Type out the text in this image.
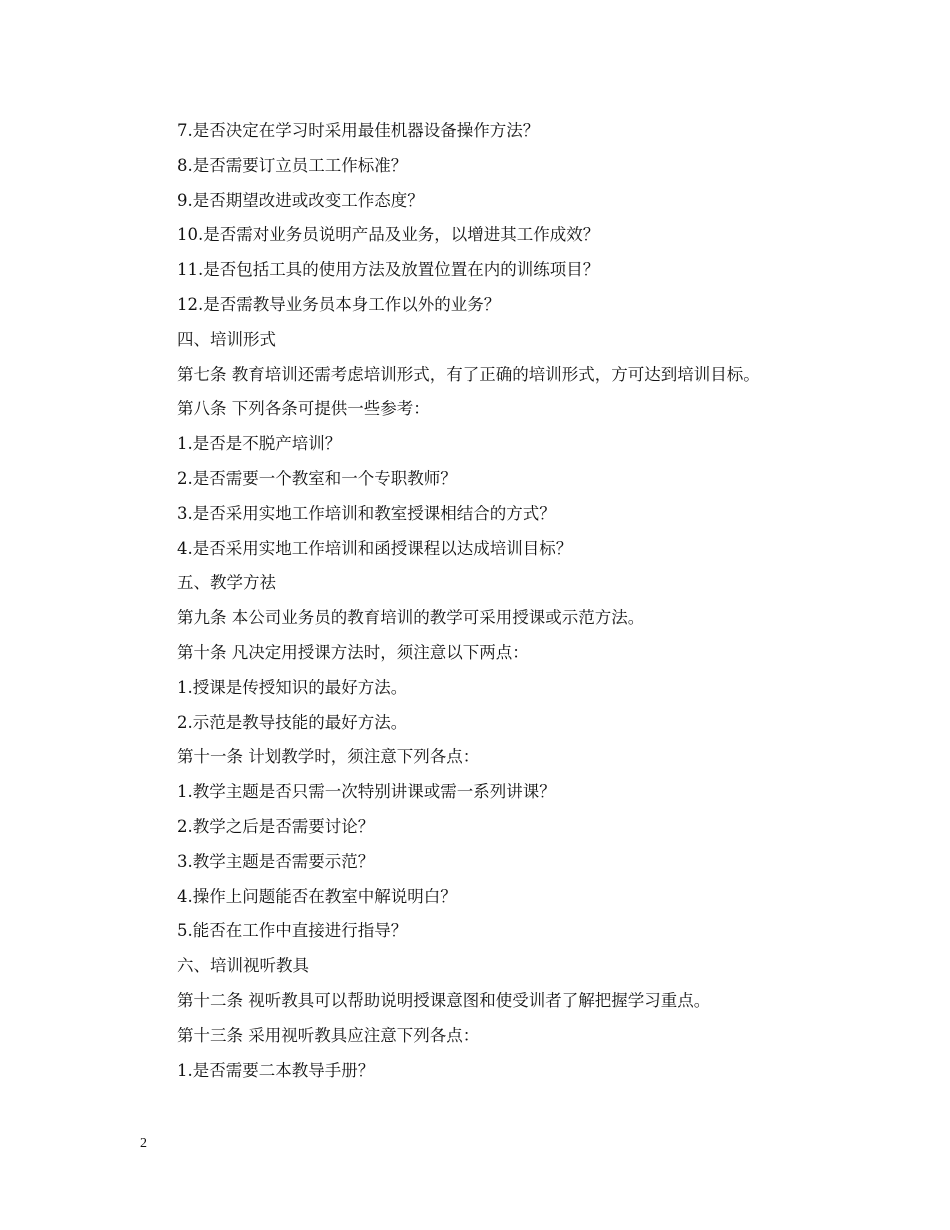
7.是否决定在学习时采用最佳机器设备操作方法？

8.是否需要订立员工工作标准？

9.是否期望改进或改变工作态度？

10.是否需对业务员说明产品及业务，以增进其工作成效？

11.是否包括工具的使用方法及放置位置在内的训练项目？

12.是否需教导业务员本身工作以外的业务？

四、培训形式

第七条 教育培训还需考虑培训形式，有了正确的培训形式，方可达到培训目标。

第八条 下列各条可提供一些参考：

1.是否是不脱产培训？

2.是否需要一个教室和一个专职教师？

3.是否采用实地工作培训和教室授课相结合的方式？

4.是否采用实地工作培训和函授课程以达成培训目标？

五、教学方祛

第九条 本公司业务员的教育培训的教学可采用授课或示范方法。

第十条 凡决定用授课方法时，须注意以下两点：

1.授课是传授知识的最好方法。

2.示范是教导技能的最好方法。

第十一条 计划教学时，须注意下列各点：

1.教学主题是否只需一次特别讲课或需一系列讲课？

2.教学之后是否需要讨论？

3.教学主题是否需要示范？

4.操作上问题能否在教室中解说明白？

5.能否在工作中直接进行指导？

六、培训视听教具

第十二条 视听教具可以帮助说明授课意图和使受训者了解把握学习重点。

第十三条 采用视听教具应注意下列各点：

1.是否需要二本教导手册？

2
